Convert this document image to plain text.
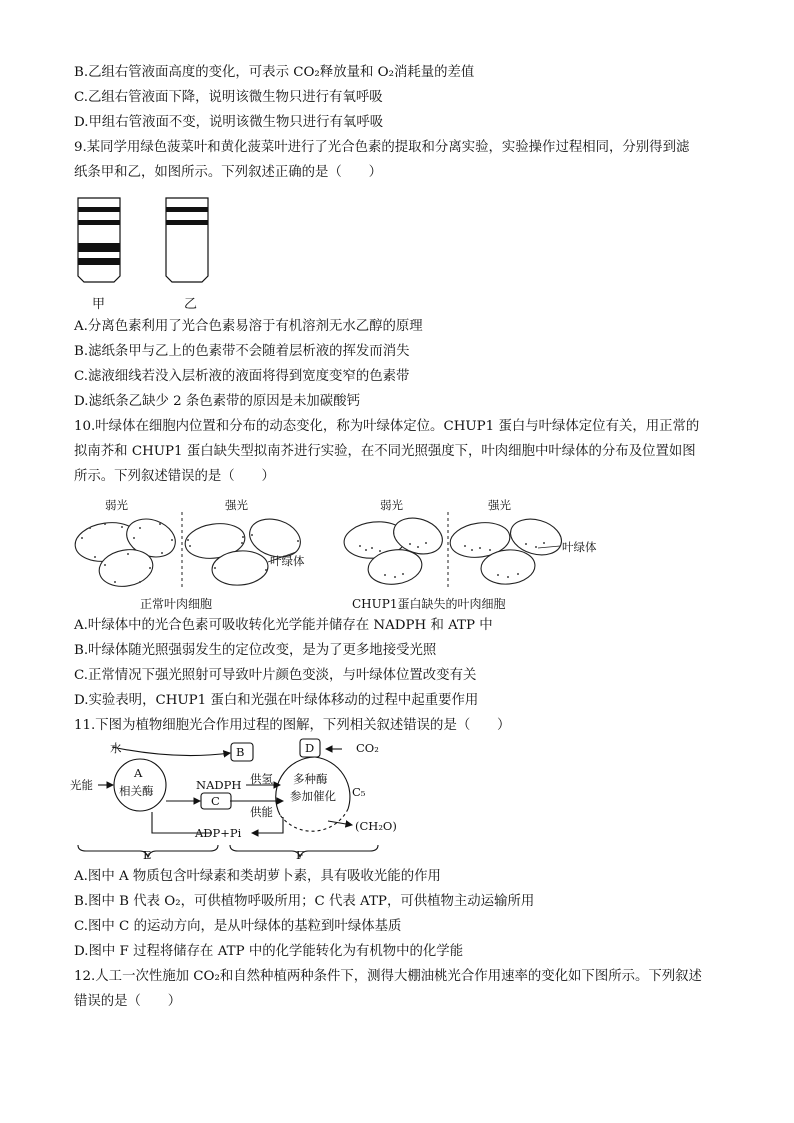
B.乙组右管液面高度的变化，可表示 CO₂释放量和 O₂消耗量的差值
C.乙组右管液面下降，说明该微生物只进行有氧呼吸
D.甲组右管液面不变，说明该微生物只进行有氧呼吸
9.某同学用绿色菠菜叶和黄化菠菜叶进行了光合色素的提取和分离实验，实验操作过程相同，分别得到滤
纸条甲和乙，如图所示。下列叙述正确的是（　　）
甲	乙
A.分离色素利用了光合色素易溶于有机溶剂无水乙醇的原理
B.滤纸条甲与乙上的色素带不会随着层析液的挥发而消失
C.滤液细线若没入层析液的液面将得到宽度变窄的色素带
D.滤纸条乙缺少 2 条色素带的原因是未加碳酸钙
10.叶绿体在细胞内位置和分布的动态变化，称为叶绿体定位。CHUP1 蛋白与叶绿体定位有关，用正常的
拟南芥和 CHUP1 蛋白缺失型拟南芥进行实验，在不同光照强度下，叶肉细胞中叶绿体的分布及位置如图
所示。下列叙述错误的是（　　）
弱光	强光
叶绿体
正常叶肉细胞
弱光	强光
叶绿体
CHUP1蛋白缺失的叶肉细胞
A.叶绿体中的光合色素可吸收转化光学能并储存在 NADPH 和 ATP 中
B.叶绿体随光照强弱发生的定位改变，是为了更多地接受光照
C.正常情况下强光照射可导致叶片颜色变淡，与叶绿体位置改变有关
D.实验表明，CHUP1 蛋白和光强在叶绿体移动的过程中起重要作用
11.下图为植物细胞光合作用过程的图解，下列相关叙述错误的是（　　）
水	B	D	CO₂
光能
A
相关酶	NADPH 供氢
C
供能
多种酶
参加催化 C₅
ADP+Pi	(CH₂O)
E	F
A.图中 A 物质包含叶绿素和类胡萝卜素，具有吸收光能的作用
B.图中 B 代表 O₂，可供植物呼吸所用；C 代表 ATP，可供植物主动运输所用
C.图中 C 的运动方向，是从叶绿体的基粒到叶绿体基质
D.图中 F 过程将储存在 ATP 中的化学能转化为有机物中的化学能
12.人工一次性施加 CO₂和自然种植两种条件下，测得大棚油桃光合作用速率的变化如下图所示。下列叙述
错误的是（　　）
